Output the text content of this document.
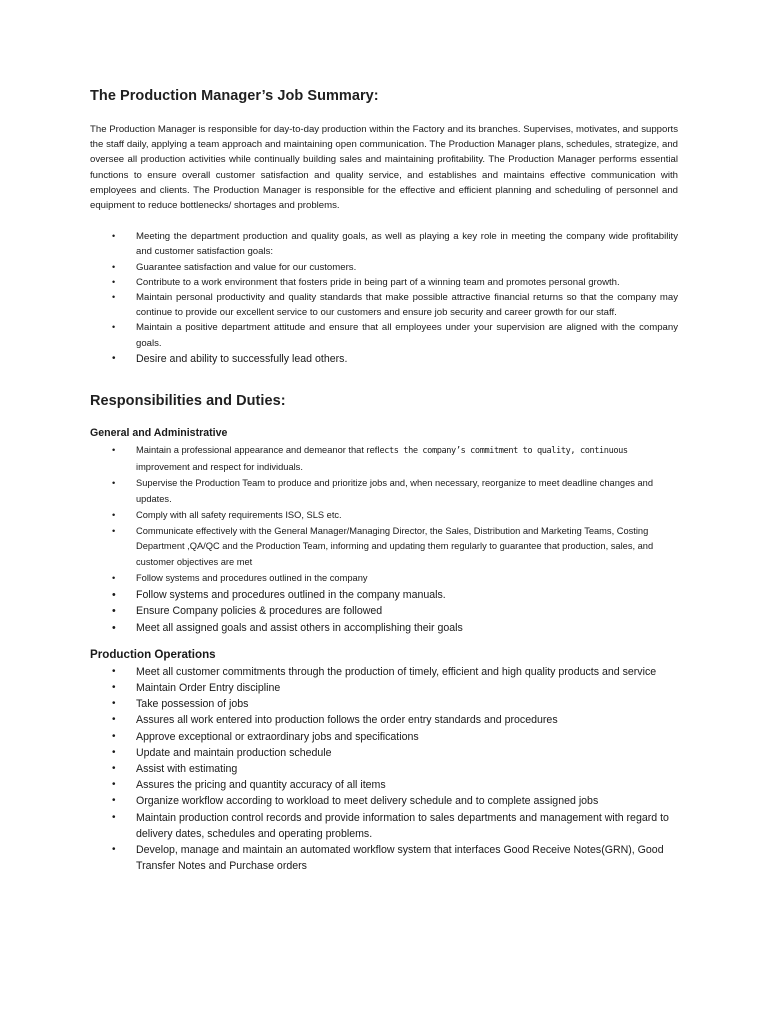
The Production Manager’s Job Summary:

The Production Manager is responsible for day-to-day production within the Factory and its branches. Supervises, motivates, and supports the staff daily, applying a team approach and maintaining open communication. The Production Manager plans, schedules, strategize, and oversee all production activities while continually building sales and maintaining profitability. The Production Manager performs essential functions to ensure overall customer satisfaction and quality service, and establishes and maintains effective communication with employees and clients. The Production Manager is responsible for the effective and efficient planning and scheduling of personnel and equipment to reduce bottlenecks/ shortages and problems.

• Meeting the department production and quality goals, as well as playing a key role in meeting the company wide profitability and customer satisfaction goals:
• Guarantee satisfaction and value for our customers.
• Contribute to a work environment that fosters pride in being part of a winning team and promotes personal growth.
• Maintain personal productivity and quality standards that make possible attractive financial returns so that the company may continue to provide our excellent service to our customers and ensure job security and career growth for our staff.
• Maintain a positive department attitude and ensure that all employees under your supervision are aligned with the company goals.
• Desire and ability to successfully lead others.
Responsibilities and Duties:
General and Administrative
• Maintain a professional appearance and demeanor that reflects the company’s commitment to quality, continuous
improvement and respect for individuals.
• Supervise the Production Team to produce and prioritize jobs and, when necessary, reorganize to meet deadline changes and updates.
• Comply with all safety requirements ISO, SLS etc.
• Communicate effectively with the General Manager/Managing Director, the Sales, Distribution and Marketing Teams, Costing Department ,QA/QC and the Production Team, informing and updating them regularly to guarantee that production, sales, and customer objectives are met
• Follow systems and procedures outlined in the company
• Follow systems and procedures outlined in the company manuals.
• Ensure Company policies & procedures are followed
• Meet all assigned goals and assist others in accomplishing their goals
Production Operations
• Meet all customer commitments through the production of timely, efficient and high quality products and service
• Maintain Order Entry discipline
• Take possession of jobs
• Assures all work entered into production follows the order entry standards and procedures
• Approve exceptional or extraordinary jobs and specifications
• Update and maintain production schedule
• Assist with estimating
• Assures the pricing and quantity accuracy of all items
• Organize workflow according to workload to meet delivery schedule and to complete assigned jobs
• Maintain production control records and provide information to sales departments and management with regard to delivery dates, schedules and operating problems.
• Develop, manage and maintain an automated workflow system that interfaces Good Receive Notes(GRN), Good Transfer Notes and Purchase orders
